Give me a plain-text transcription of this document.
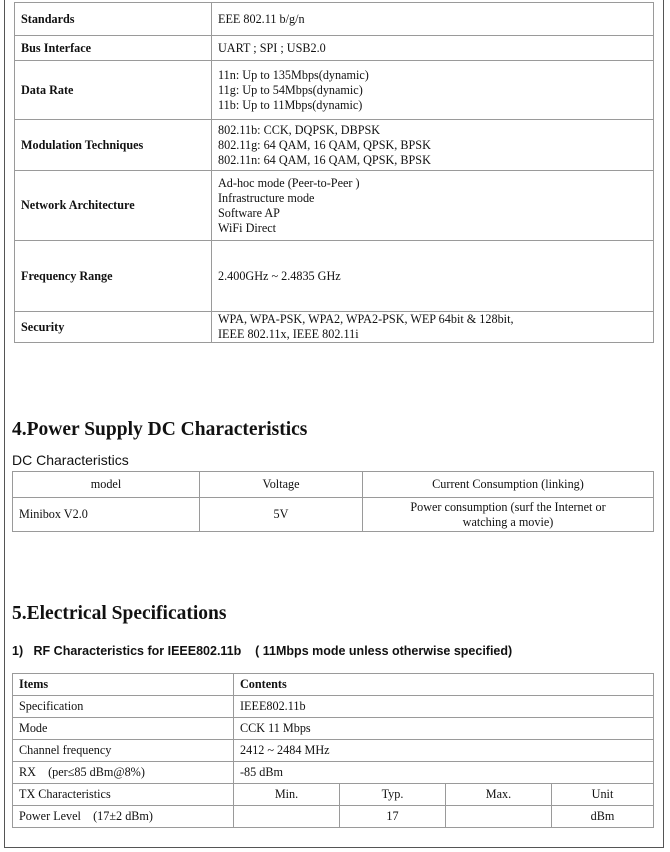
Standards	EEE 802.11 b/g/n

Bus Interface	UART ; SPI ; USB2.0

Data Rate	11n: Up to 135Mbps(dynamic)
11g: Up to 54Mbps(dynamic)
11b: Up to 11Mbps(dynamic)

Modulation Techniques	802.11b: CCK, DQPSK, DBPSK
802.11g: 64 QAM, 16 QAM, QPSK, BPSK
802.11n: 64 QAM, 16 QAM, QPSK, BPSK

Network Architecture	Ad-hoc mode (Peer-to-Peer )
Infrastructure mode
Software AP
WiFi Direct

Frequency Range	2.400GHz ~ 2.4835 GHz

Security	WPA, WPA-PSK, WPA2, WPA2-PSK, WEP 64bit & 128bit,
IEEE 802.11x, IEEE 802.11i
4.Power Supply DC Characteristics
DC Characteristics
model	Voltage	Current Consumption (linking)
Minibox V2.0	5V	Power consumption (surf the Internet or watching a movie)
5.Electrical Specifications
1)   RF Characteristics for IEEE802.11b    ( 11Mbps mode unless otherwise specified)
Items	Contents			
Specification	IEEE802.11b			
Mode	CCK 11 Mbps			
Channel frequency	2412 ~ 2484 MHz			
RX    (per≤85 dBm@8%)	-85 dBm			
TX Characteristics	Min.	Typ.	Max.	Unit
Power Level    (17±2 dBm)		17		dBm
